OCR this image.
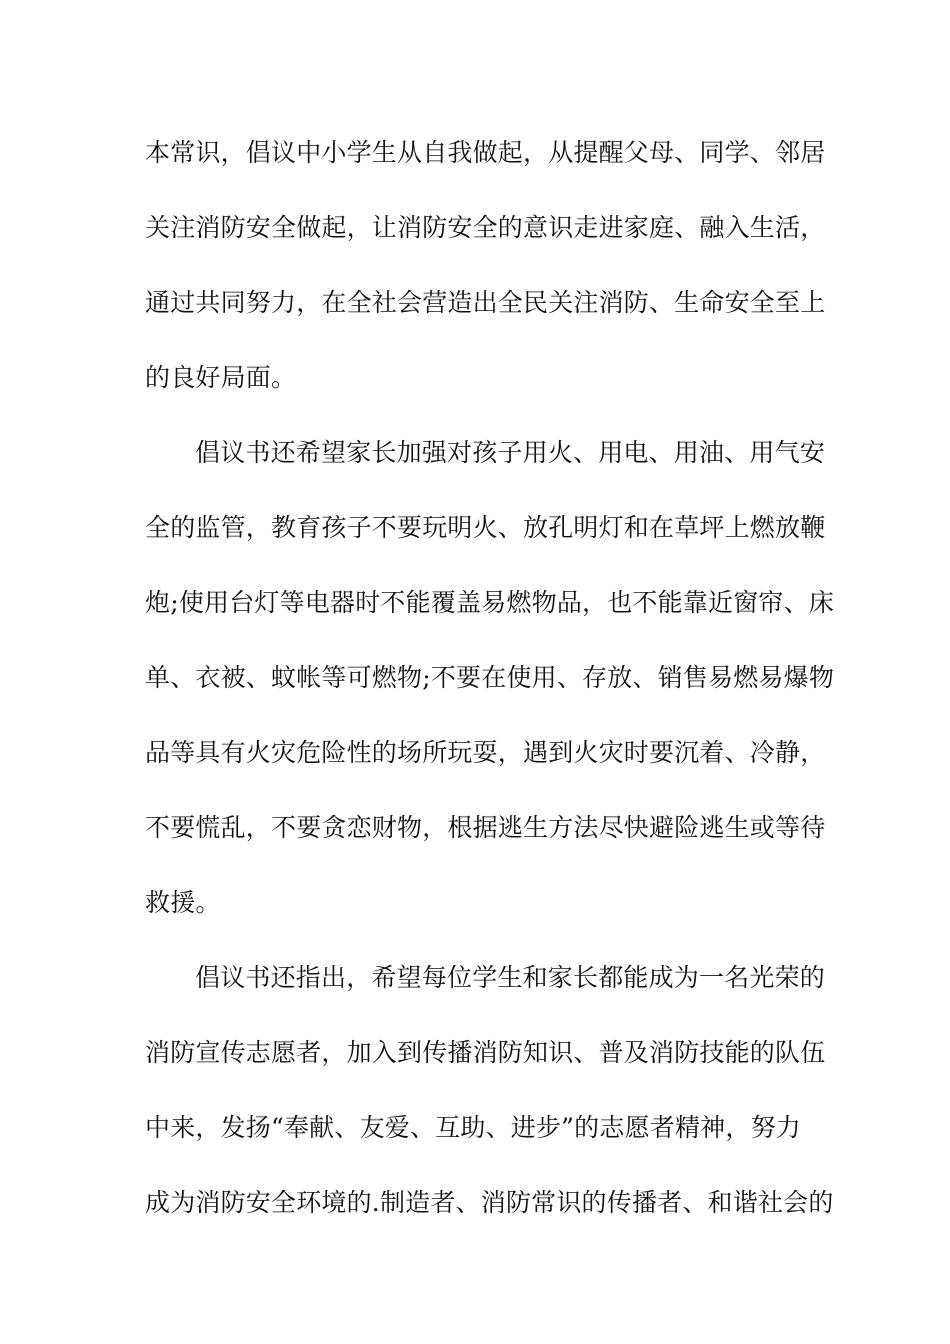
本常识，倡议中小学生从自我做起，从提醒父母、同学、邻居
关注消防安全做起，让消防安全的意识走进家庭、融入生活，
通过共同努力，在全社会营造出全民关注消防、生命安全至上
的良好局面。
倡议书还希望家长加强对孩子用火、用电、用油、用气安
全的监管，教育孩子不要玩明火、放孔明灯和在草坪上燃放鞭
炮;使用台灯等电器时不能覆盖易燃物品，也不能靠近窗帘、床
单、衣被、蚊帐等可燃物;不要在使用、存放、销售易燃易爆物
品等具有火灾危险性的场所玩耍，遇到火灾时要沉着、冷静，
不要慌乱，不要贪恋财物，根据逃生方法尽快避险逃生或等待
救援。
倡议书还指出，希望每位学生和家长都能成为一名光荣的
消防宣传志愿者，加入到传播消防知识、普及消防技能的队伍
中来，发扬“奉献、友爱、互助、进步”的志愿者精神，努力
成为消防安全环境的.制造者、消防常识的传播者、和谐社会的
